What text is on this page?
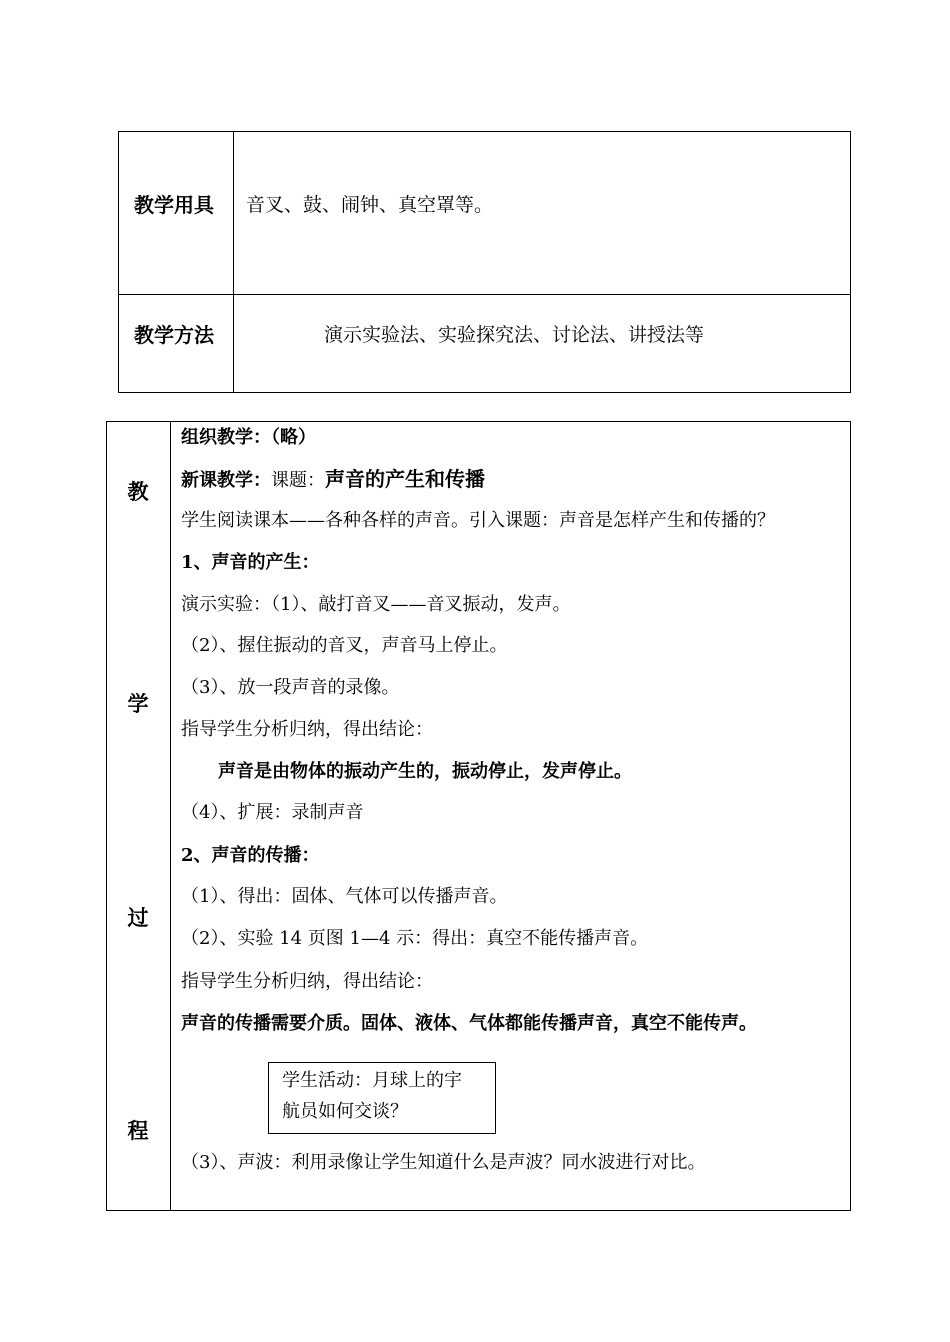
教学用具 音叉、鼓、闹钟、真空罩等。
教学方法	演示实验法、实验探究法、讨论法、讲授法等
教
学
过
程
组织教学：（略）
新课教学：课题：声音的产生和传播
学生阅读课本——各种各样的声音。引入课题：声音是怎样产生和传播的？
1、声音的产生：
演示实验：（1）、敲打音叉——音叉振动，发声。
（2）、握住振动的音叉，声音马上停止。
（3）、放一段声音的录像。
指导学生分析归纳，得出结论：
声音是由物体的振动产生的，振动停止，发声停止。
（4）、扩展：录制声音
2、声音的传播：
（1）、得出：固体、气体可以传播声音。
（2）、实验 14 页图 1—4 示：得出：真空不能传播声音。
指导学生分析归纳，得出结论：
声音的传播需要介质。固体、液体、气体都能传播声音，真空不能传声。
学生活动：月球上的宇
航员如何交谈？
（3）、声波：利用录像让学生知道什么是声波？同水波进行对比。
